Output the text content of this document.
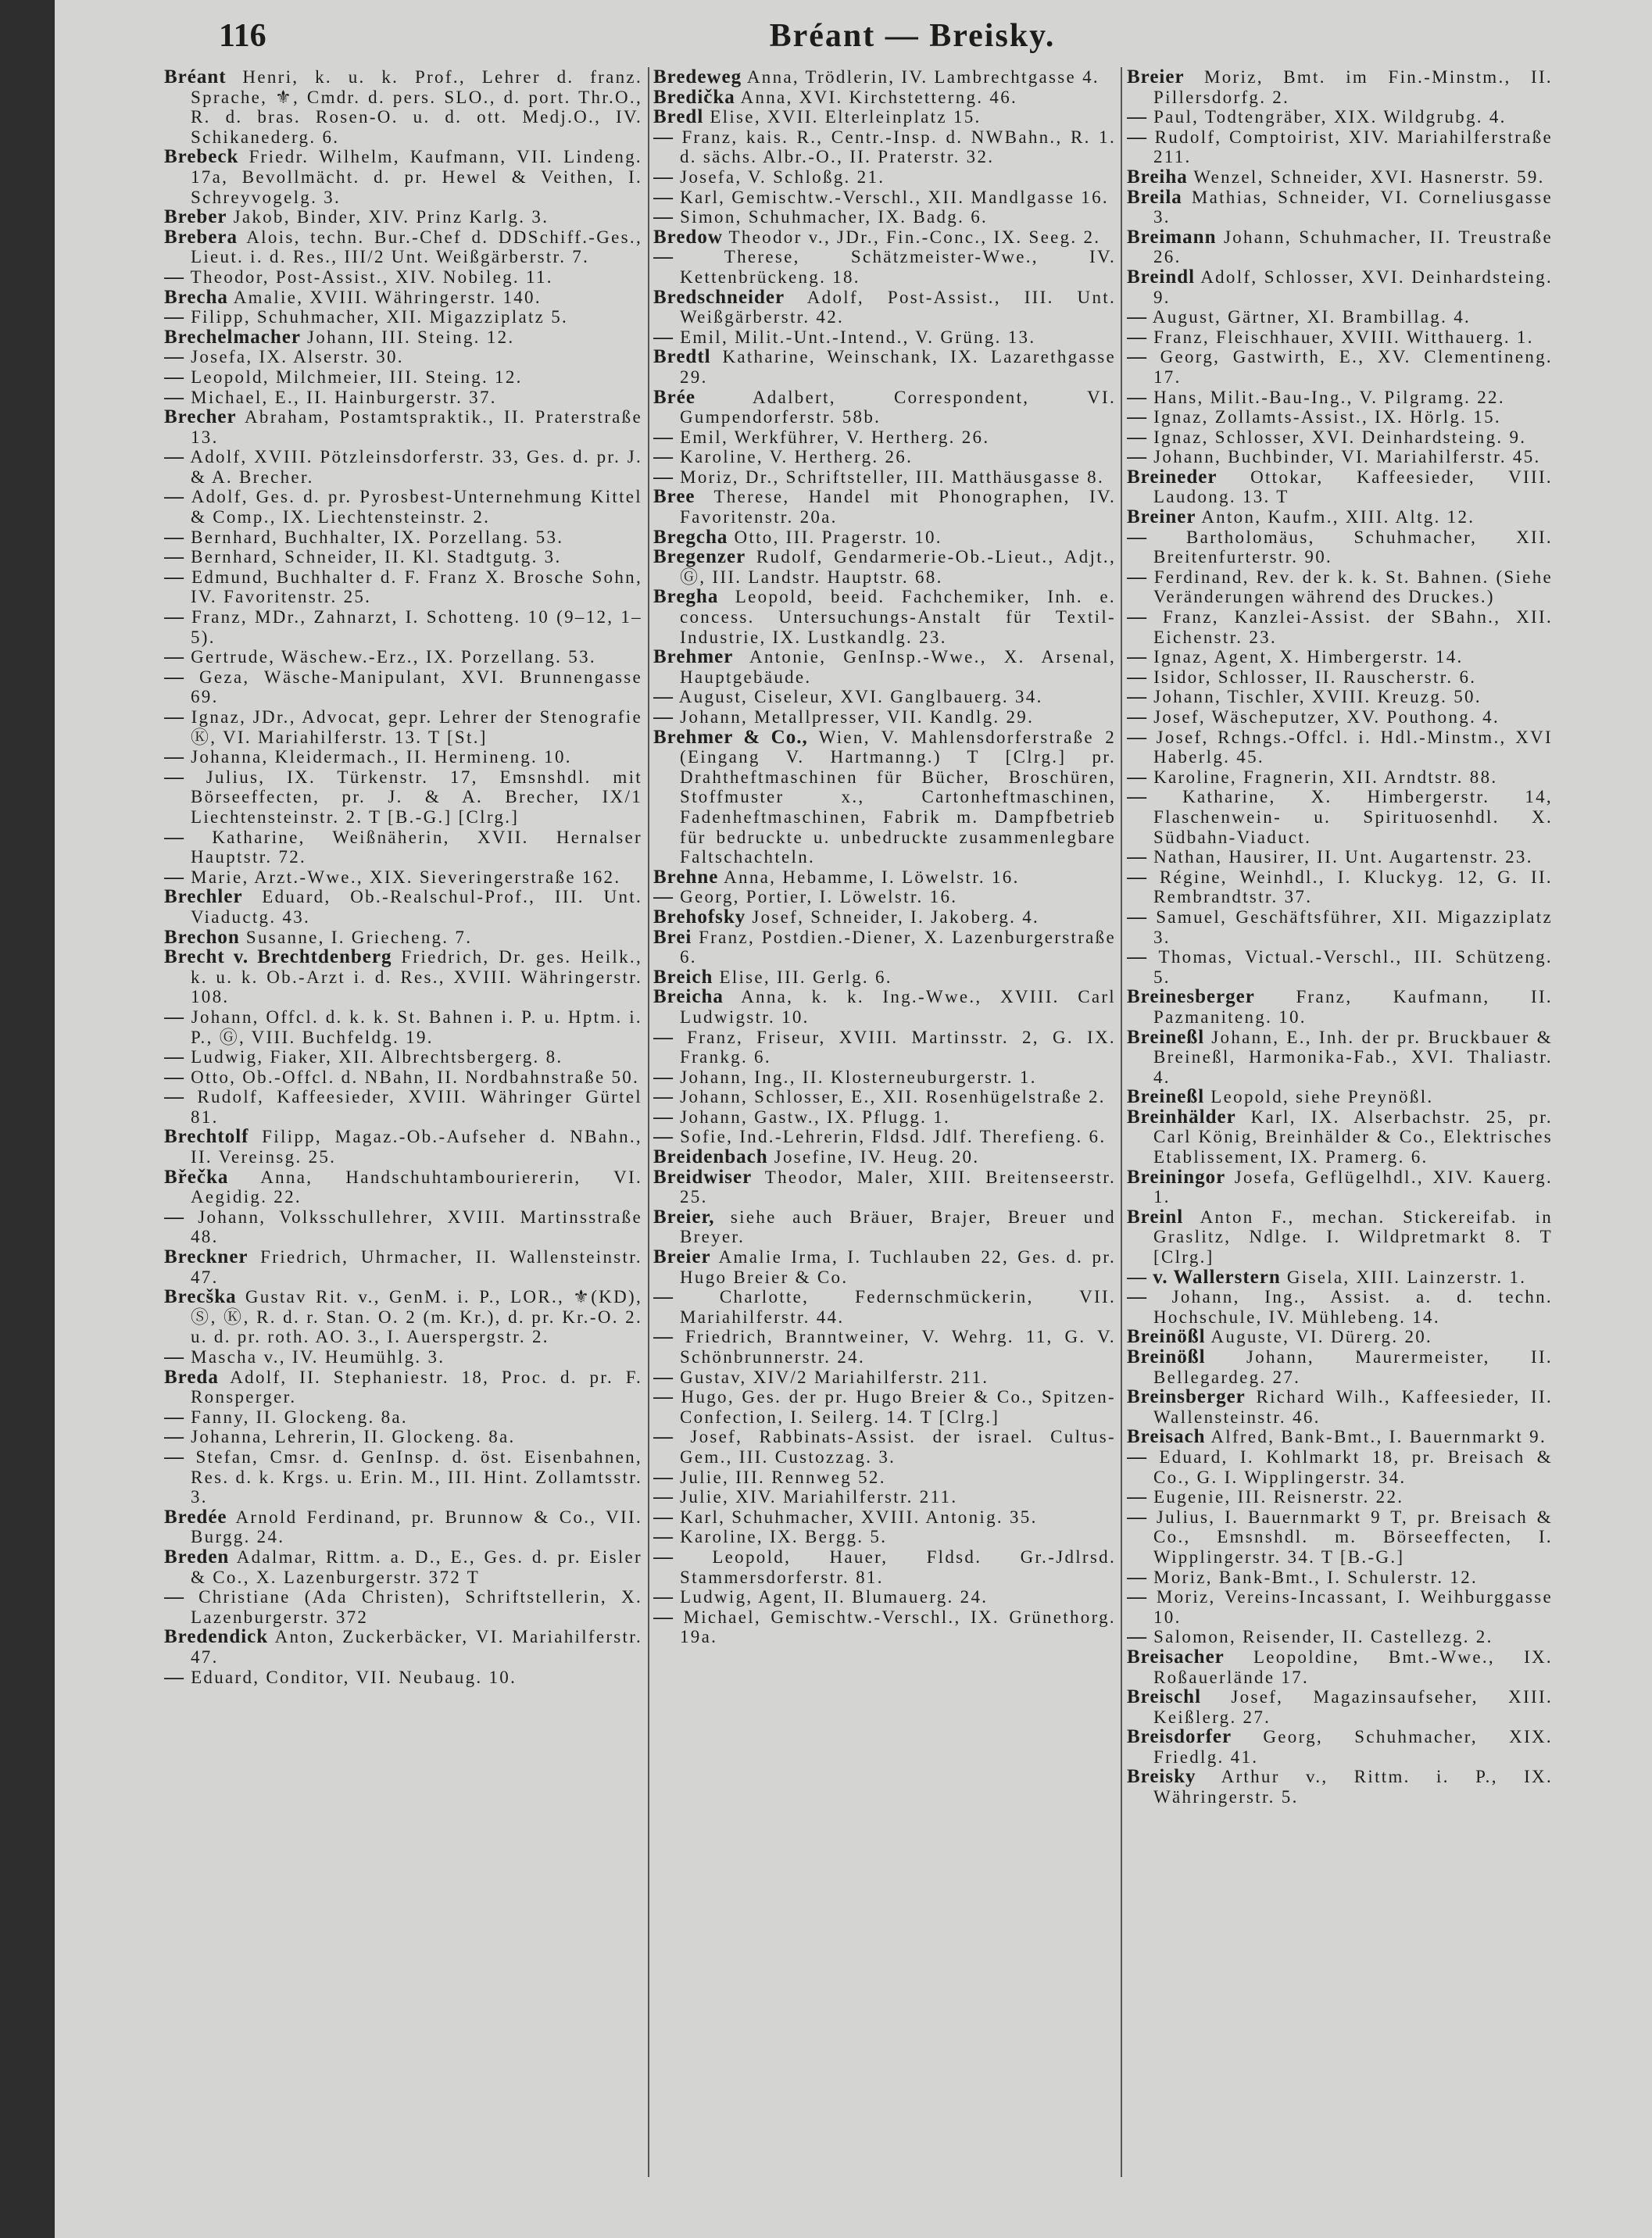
116	Bréant — Breisky.

Bréant Henri, k. u. k. Prof., Lehrer d. franz. Sprache, ⚜, Cmdr. d. pers. SLO., d. port. Thr.O., R. d. bras. Rosen-O. u. d. ott. Medj.O., IV. Schikanederg. 6.

Brebeck Friedr. Wilhelm, Kaufmann, VII. Lindeng. 17a, Bevollmächt. d. pr. Hewel & Veithen, I. Schreyvogelg. 3.

Breber Jakob, Binder, XIV. Prinz Karlg. 3.

Brebera Alois, techn. Bur.-Chef d. DDSchiff.-Ges., Lieut. i. d. Res., III/2 Unt. Weißgärberstr. 7.

— Theodor, Post-Assist., XIV. Nobileg. 11.

Brecha Amalie, XVIII. Währingerstr. 140.

— Filipp, Schuhmacher, XII. Migazziplatz 5.

Brechelmacher Johann, III. Steing. 12.

— Josefa, IX. Alserstr. 30.

— Leopold, Milchmeier, III. Steing. 12.

— Michael, E., II. Hainburgerstr. 37.

Brecher Abraham, Postamtspraktik., II. Praterstraße 13.

— Adolf, XVIII. Pötzleinsdorferstr. 33, Ges. d. pr. J. & A. Brecher.

— Adolf, Ges. d. pr. Pyrosbest-Unternehmung Kittel & Comp., IX. Liechtensteinstr. 2.

— Bernhard, Buchhalter, IX. Porzellang. 53.

— Bernhard, Schneider, II. Kl. Stadtgutg. 3.

— Edmund, Buchhalter d. F. Franz X. Brosche Sohn, IV. Favoritenstr. 25.

— Franz, MDr., Zahnarzt, I. Schotteng. 10 (9–12, 1–5).

— Gertrude, Wäschew.-Erz., IX. Porzellang. 53.

— Geza, Wäsche-Manipulant, XVI. Brunnengasse 69.

— Ignaz, JDr., Advocat, gepr. Lehrer der Stenografie Ⓚ, VI. Mariahilferstr. 13. T [St.]

— Johanna, Kleidermach., II. Hermineng. 10.

— Julius, IX. Türkenstr. 17, Emsnshdl. mit Börseeffecten, pr. J. & A. Brecher, IX/1 Liechtensteinstr. 2. T [B.-G.] [Clrg.]

— Katharine, Weißnäherin, XVII. Hernalser Hauptstr. 72.

— Marie, Arzt.-Wwe., XIX. Sieveringerstraße 162.

Brechler Eduard, Ob.-Realschul-Prof., III. Unt. Viaductg. 43.

Brechon Susanne, I. Griecheng. 7.

Brecht v. Brechtdenberg Friedrich, Dr. ges. Heilk., k. u. k. Ob.-Arzt i. d. Res., XVIII. Währingerstr. 108.

— Johann, Offcl. d. k. k. St. Bahnen i. P. u. Hptm. i. P., Ⓖ, VIII. Buchfeldg. 19.

— Ludwig, Fiaker, XII. Albrechtsbergerg. 8.

— Otto, Ob.-Offcl. d. NBahn, II. Nordbahnstraße 50.

— Rudolf, Kaffeesieder, XVIII. Währinger Gürtel 81.

Brechtolf Filipp, Magaz.-Ob.-Aufseher d. NBahn., II. Vereinsg. 25.

Břečka Anna, Handschuhtambouriererin, VI. Aegidig. 22.

— Johann, Volksschullehrer, XVIII. Martinsstraße 48.

Breckner Friedrich, Uhrmacher, II. Wallensteinstr. 47.

Brecška Gustav Rit. v., GenM. i. P., LOR., ⚜(KD), Ⓢ, Ⓚ, R. d. r. Stan. O. 2 (m. Kr.), d. pr. Kr.-O. 2. u. d. pr. roth. AO. 3., I. Auerspergstr. 2.

— Mascha v., IV. Heumühlg. 3.

Breda Adolf, II. Stephaniestr. 18, Proc. d. pr. F. Ronsperger.

— Fanny, II. Glockeng. 8a.

— Johanna, Lehrerin, II. Glockeng. 8a.

— Stefan, Cmsr. d. GenInsp. d. öst. Eisenbahnen, Res. d. k. Krgs. u. Erin. M., III. Hint. Zollamtsstr. 3.

Bredée Arnold Ferdinand, pr. Brunnow & Co., VII. Burgg. 24.

Breden Adalmar, Rittm. a. D., E., Ges. d. pr. Eisler & Co., X. Lazenburgerstr. 372 T

— Christiane (Ada Christen), Schriftstellerin, X. Lazenburgerstr. 372

Bredendick Anton, Zuckerbäcker, VI. Mariahilferstr. 47.

— Eduard, Conditor, VII. Neubaug. 10.

Bredeweg Anna, Trödlerin, IV. Lambrechtgasse 4.

Bredička Anna, XVI. Kirchstetterng. 46.

Bredl Elise, XVII. Elterleinplatz 15.

— Franz, kais. R., Centr.-Insp. d. NWBahn., R. 1. d. sächs. Albr.-O., II. Praterstr. 32.

— Josefa, V. Schloßg. 21.

— Karl, Gemischtw.-Verschl., XII. Mandlgasse 16.

— Simon, Schuhmacher, IX. Badg. 6.

Bredow Theodor v., JDr., Fin.-Conc., IX. Seeg. 2.

—	Therese, Schätzmeister-Wwe., IV. Kettenbrückeng. 18.

Bredschneider Adolf, Post-Assist., III. Unt. Weißgärberstr. 42.

— Emil, Milit.-Unt.-Intend., V. Grüng. 13.

Bredtl Katharine, Weinschank, IX. Lazarethgasse 29.

Brée	Adalbert, Correspondent, VI. Gumpendorferstr. 58b.

— Emil, Werkführer, V. Hertherg. 26.

— Karoline, V. Hertherg. 26.

— Moriz, Dr., Schriftsteller, III. Matthäusgasse 8.

Bree Therese, Handel mit Phonographen, IV. Favoritenstr. 20a.

Bregcha Otto, III. Pragerstr. 10.

Bregenzer Rudolf, Gendarmerie-Ob.-Lieut., Adjt., Ⓖ, III. Landstr. Hauptstr. 68.

Bregha Leopold, beeid. Fachchemiker, Inh. e. concess. Untersuchungs-Anstalt für Textil-Industrie, IX. Lustkandlg. 23.

Brehmer Antonie, GenInsp.-Wwe., X. Arsenal, Hauptgebäude.

— August, Ciseleur, XVI. Ganglbauerg. 34.

— Johann, Metallpresser, VII. Kandlg. 29.

Brehmer & Co., Wien, V. Mahlensdorferstraße 2 (Eingang V. Hartmanng.) T [Clrg.] pr. Drahtheftmaschinen für Bücher, Broschüren, Stoffmuster x., Cartonheftmaschinen, Fadenheftmaschinen, Fabrik m. Dampfbetrieb für bedruckte u. unbedruckte zusammenlegbare Faltschachteln.

Brehne Anna, Hebamme, I. Löwelstr. 16.

— Georg, Portier, I. Löwelstr. 16.

Brehofsky Josef, Schneider, I. Jakoberg. 4.

Brei Franz, Postdien.-Diener, X. Lazenburgerstraße 6.

Breich Elise, III. Gerlg. 6.

Breicha Anna, k. k. Ing.-Wwe., XVIII. Carl Ludwigstr. 10.

— Franz, Friseur, XVIII. Martinsstr. 2, G. IX. Frankg. 6.

— Johann, Ing., II. Klosterneuburgerstr. 1.

— Johann, Schlosser, E., XII. Rosenhügelstraße 2.

— Johann, Gastw., IX. Pflugg. 1.

— Sofie, Ind.-Lehrerin, Fldsd. Jdlf. Therefieng. 6.

Breidenbach Josefine, IV. Heug. 20.

Breidwiser Theodor, Maler, XIII. Breitenseerstr. 25.

Breier, siehe auch Bräuer, Brajer, Breuer und Breyer.

Breier Amalie Irma, I. Tuchlauben 22, Ges. d. pr. Hugo Breier & Co.

—	Charlotte, Federnschmückerin, VII. Mariahilferstr. 44.

— Friedrich, Branntweiner, V. Wehrg. 11, G. V. Schönbrunnerstr. 24.

— Gustav, XIV/2 Mariahilferstr. 211.

— Hugo, Ges. der pr. Hugo Breier & Co., Spitzen-Confection, I. Seilerg. 14. T [Clrg.]

— Josef, Rabbinats-Assist. der israel. Cultus-Gem., III. Custozzag. 3.

— Julie, III. Rennweg 52.

— Julie, XIV. Mariahilferstr. 211.

— Karl, Schuhmacher, XVIII. Antonig. 35.

— Karoline, IX. Bergg. 5.

— Leopold, Hauer, Fldsd. Gr.-Jdlrsd. Stammersdorferstr. 81.

— Ludwig, Agent, II. Blumauerg. 24.

— Michael, Gemischtw.-Verschl., IX. Grünethorg. 19a.

Breier Moriz, Bmt. im Fin.-Minstm., II. Pillersdorfg. 2.

— Paul, Todtengräber, XIX. Wildgrubg. 4.

— Rudolf, Comptoirist, XIV. Mariahilferstraße 211.

Breiha Wenzel, Schneider, XVI. Hasnerstr. 59.

Breila Mathias, Schneider, VI. Corneliusgasse 3.

Breimann Johann, Schuhmacher, II. Treustraße 26.

Breindl Adolf, Schlosser, XVI. Deinhardsteing. 9.

— August, Gärtner, XI. Brambillag. 4.

— Franz, Fleischhauer, XVIII. Witthauerg. 1.

— Georg, Gastwirth, E., XV. Clementineng. 17.

— Hans, Milit.-Bau-Ing., V. Pilgramg. 22.

— Ignaz, Zollamts-Assist., IX. Hörlg. 15.

— Ignaz, Schlosser, XVI. Deinhardsteing. 9.

— Johann, Buchbinder, VI. Mariahilferstr. 45.

Breineder Ottokar, Kaffeesieder, VIII. Laudong. 13. T

Breiner Anton, Kaufm., XIII. Altg. 12.

— Bartholomäus, Schuhmacher, XII. Breitenfurterstr. 90.

— Ferdinand, Rev. der k. k. St. Bahnen. (Siehe Veränderungen während des Druckes.)

— Franz, Kanzlei-Assist. der SBahn., XII. Eichenstr. 23.

— Ignaz, Agent, X. Himbergerstr. 14.

— Isidor, Schlosser, II. Rauscherstr. 6.

— Johann, Tischler, XVIII. Kreuzg. 50.

— Josef, Wäscheputzer, XV. Pouthong. 4.

— Josef, Rchngs.-Offcl. i. Hdl.-Minstm., XVI Haberlg. 45.

— Karoline, Fragnerin, XII. Arndtstr. 88.

— Katharine, X. Himbergerstr. 14, Flaschenwein- u. Spirituosenhdl. X. Südbahn-Viaduct.

— Nathan, Hausirer, II. Unt. Augartenstr. 23.

— Régine, Weinhdl., I. Kluckyg. 12, G. II. Rembrandtstr. 37.

— Samuel, Geschäftsführer, XII. Migazziplatz 3.

— Thomas, Victual.-Verschl., III. Schützeng. 5.

Breinesberger Franz, Kaufmann, II. Pazmaniteng. 10.

Breineßl Johann, E., Inh. der pr. Bruckbauer & Breineßl, Harmonika-Fab., XVI. Thaliastr. 4.

Breineßl Leopold, siehe Preynößl.

Breinhälder Karl, IX. Alserbachstr. 25, pr. Carl König, Breinhälder & Co., Elektrisches Etablissement, IX. Pramerg. 6.

Breiningor Josefa, Geflügelhdl., XIV. Kauerg. 1.

Breinl Anton F., mechan. Stickereifab. in Graslitz, Ndlge. I. Wildpretmarkt 8. T [Clrg.]

— v. Wallerstern Gisela, XIII. Lainzerstr. 1.

— Johann, Ing., Assist. a. d. techn. Hochschule, IV. Mühlebeng. 14.

Breinößl Auguste, VI. Dürerg. 20.

Breinößl Johann, Maurermeister, II. Bellegardeg. 27.

Breinsberger Richard Wilh., Kaffeesieder, II. Wallensteinstr. 46.

Breisach Alfred, Bank-Bmt., I. Bauernmarkt 9.

— Eduard, I. Kohlmarkt 18, pr. Breisach & Co., G. I. Wipplingerstr. 34.

— Eugenie, III. Reisnerstr. 22.

— Julius, I. Bauernmarkt 9 T, pr. Breisach & Co., Emsnshdl. m. Börseeffecten, I. Wipplingerstr. 34. T [B.-G.]

— Moriz, Bank-Bmt., I. Schulerstr. 12.

— Moriz, Vereins-Incassant, I. Weihburggasse 10.

— Salomon, Reisender, II. Castellezg. 2.

Breisacher Leopoldine, Bmt.-Wwe., IX. Roßauerlände 17.

Breischl Josef, Magazinsaufseher, XIII. Keißlerg. 27.

Breisdorfer Georg, Schuhmacher, XIX. Friedlg. 41.

Breisky Arthur v., Rittm. i. P., IX. Währingerstr. 5.
